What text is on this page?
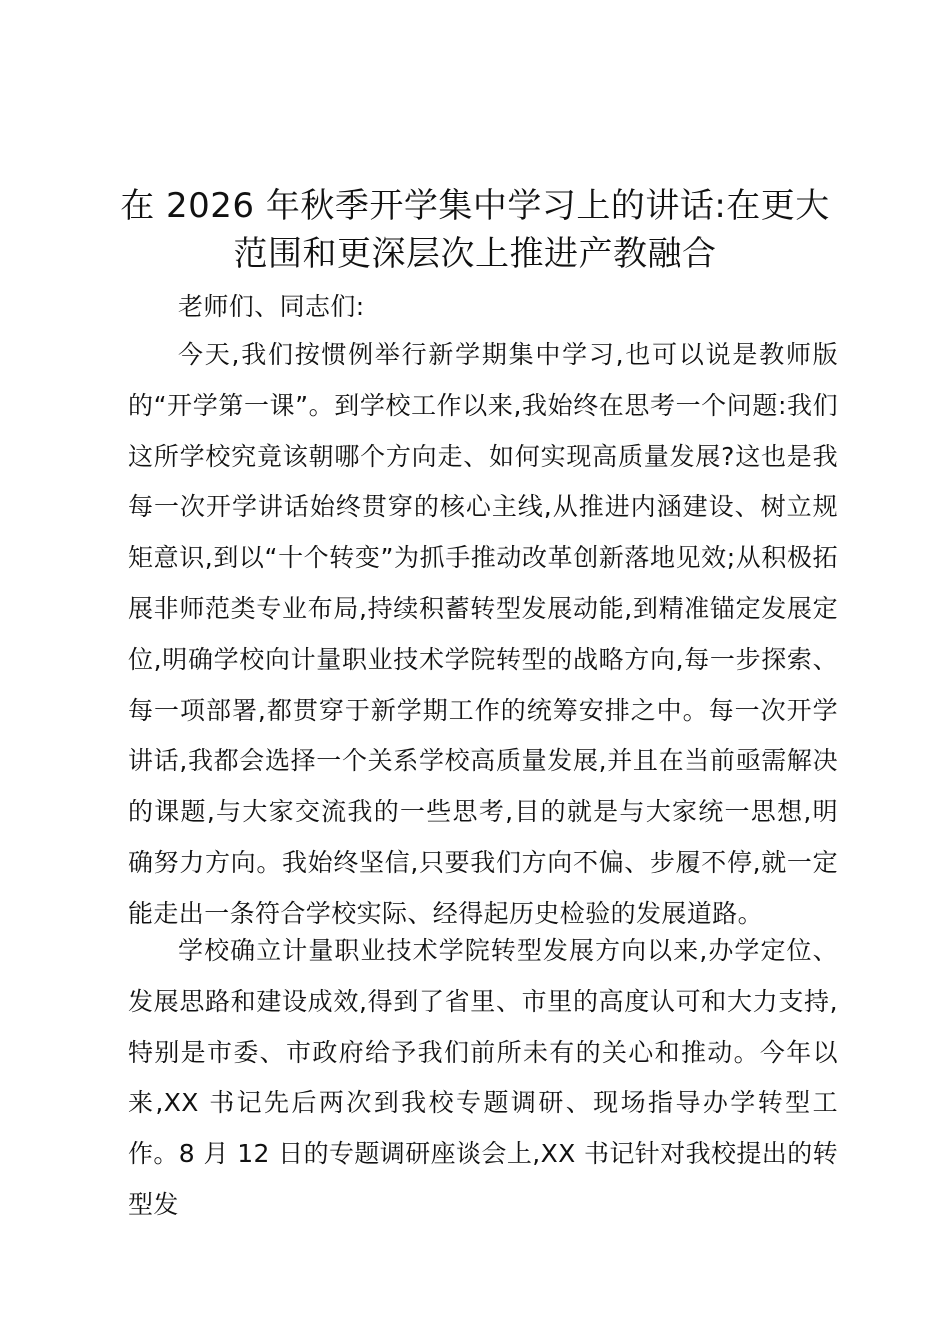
在 2026 年秋季开学集中学习上的讲话:在更大范围和更深层次上推进产教融合

老师们、同志们:

今天,我们按惯例举行新学期集中学习,也可以说是教师版的“开学第一课”。到学校工作以来,我始终在思考一个问题:我们这所学校究竟该朝哪个方向走、如何实现高质量发展?这也是我每一次开学讲话始终贯穿的核心主线,从推进内涵建设、树立规矩意识,到以“十个转变”为抓手推动改革创新落地见效;从积极拓展非师范类专业布局,持续积蓄转型发展动能,到精准锚定发展定位,明确学校向计量职业技术学院转型的战略方向,每一步探索、每一项部署,都贯穿于新学期工作的统筹安排之中。每一次开学讲话,我都会选择一个关系学校高质量发展,并且在当前亟需解决的课题,与大家交流我的一些思考,目的就是与大家统一思想,明确努力方向。我始终坚信,只要我们方向不偏、步履不停,就一定能走出一条符合学校实际、经得起历史检验的发展道路。

学校确立计量职业技术学院转型发展方向以来,办学定位、发展思路和建设成效,得到了省里、市里的高度认可和大力支持,特别是市委、市政府给予我们前所未有的关心和推动。今年以来,XX 书记先后两次到我校专题调研、现场指导办学转型工作。8 月 12 日的专题调研座谈会上,XX 书记针对我校提出的转型发
